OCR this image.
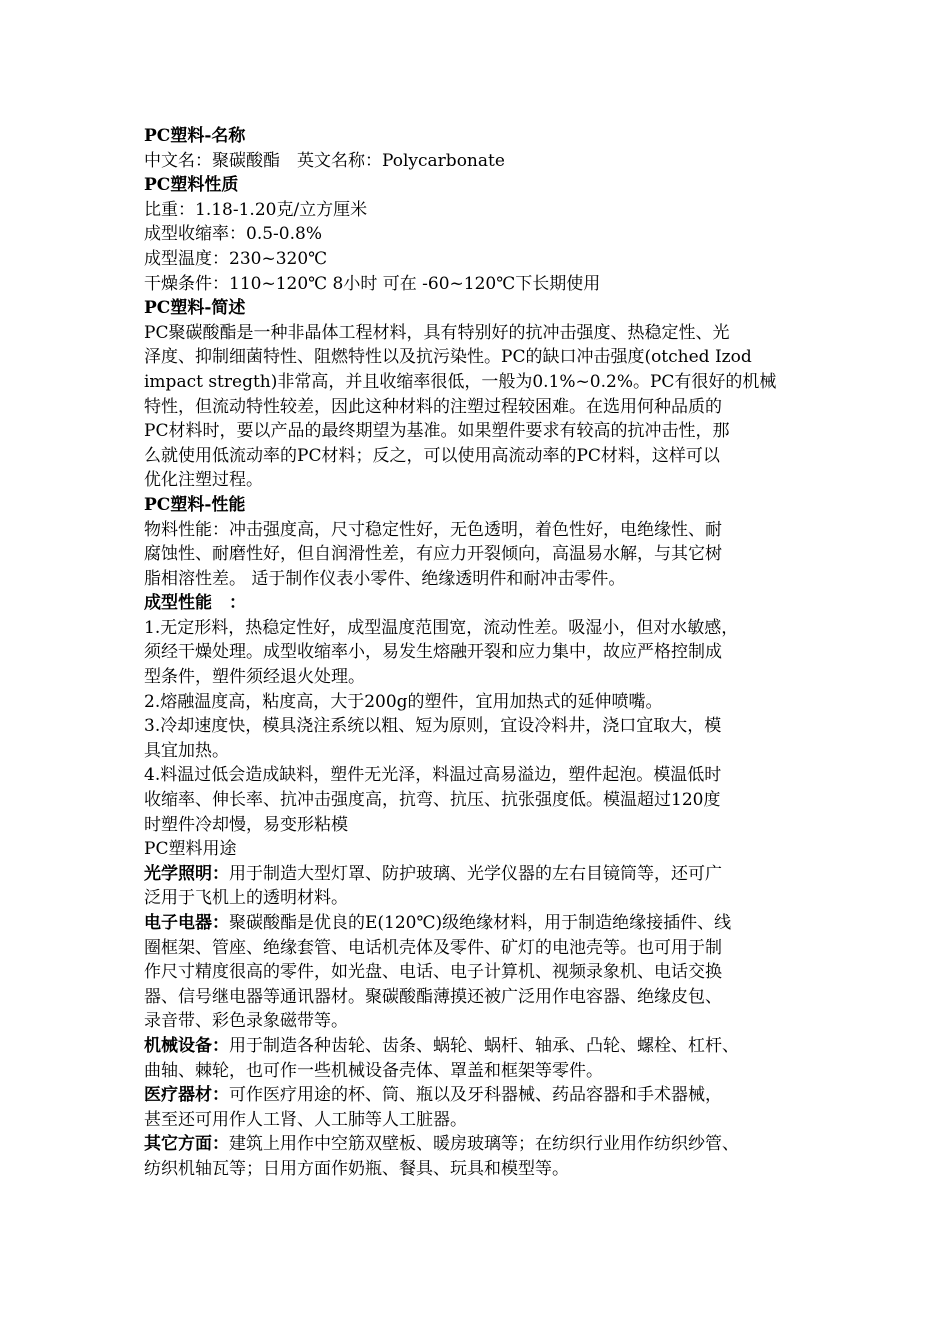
PC塑料-名称
中文名：聚碳酸酯　英文名称：Polycarbonate
PC塑料性质
比重：1.18-1.20克/立方厘米
成型收缩率：0.5-0.8%
成型温度：230~320℃
干燥条件：110~120℃ 8小时 可在 -60~120℃下长期使用
PC塑料-简述
PC聚碳酸酯是一种非晶体工程材料，具有特别好的抗冲击强度、热稳定性、光
泽度、抑制细菌特性、阻燃特性以及抗污染性。PC的缺口冲击强度(otched Izod
impact stregth)非常高，并且收缩率很低，一般为0.1%~0.2%。PC有很好的机械
特性，但流动特性较差，因此这种材料的注塑过程较困难。在选用何种品质的
PC材料时，要以产品的最终期望为基准。如果塑件要求有较高的抗冲击性，那
么就使用低流动率的PC材料；反之，可以使用高流动率的PC材料，这样可以
优化注塑过程。
PC塑料-性能
物料性能：冲击强度高，尺寸稳定性好，无色透明，着色性好，电绝缘性、耐
腐蚀性、耐磨性好，但自润滑性差，有应力开裂倾向，高温易水解，与其它树
脂相溶性差。 适于制作仪表小零件、绝缘透明件和耐冲击零件。
成型性能　：
1.无定形料，热稳定性好，成型温度范围宽，流动性差。吸湿小，但对水敏感，
须经干燥处理。成型收缩率小，易发生熔融开裂和应力集中，故应严格控制成
型条件，塑件须经退火处理。
2.熔融温度高，粘度高，大于200g的塑件，宜用加热式的延伸喷嘴。
3.冷却速度快，模具浇注系统以粗、短为原则，宜设冷料井，浇口宜取大，模
具宜加热。
4.料温过低会造成缺料，塑件无光泽，料温过高易溢边，塑件起泡。模温低时
收缩率、伸长率、抗冲击强度高，抗弯、抗压、抗张强度低。模温超过120度
时塑件冷却慢，易变形粘模
PC塑料用途
光学照明：用于制造大型灯罩、防护玻璃、光学仪器的左右目镜筒等，还可广
泛用于飞机上的透明材料。
电子电器：聚碳酸酯是优良的E(120℃)级绝缘材料，用于制造绝缘接插件、线
圈框架、管座、绝缘套管、电话机壳体及零件、矿灯的电池壳等。也可用于制
作尺寸精度很高的零件，如光盘、电话、电子计算机、视频录象机、电话交换
器、信号继电器等通讯器材。聚碳酸酯薄摸还被广泛用作电容器、绝缘皮包、
录音带、彩色录象磁带等。
机械设备：用于制造各种齿轮、齿条、蜗轮、蜗杆、轴承、凸轮、螺栓、杠杆、
曲轴、棘轮，也可作一些机械设备壳体、罩盖和框架等零件。
医疗器材：可作医疗用途的杯、筒、瓶以及牙科器械、药品容器和手术器械，
甚至还可用作人工肾、人工肺等人工脏器。
其它方面：建筑上用作中空筋双壁板、暖房玻璃等；在纺织行业用作纺织纱管、
纺织机轴瓦等；日用方面作奶瓶、餐具、玩具和模型等。
